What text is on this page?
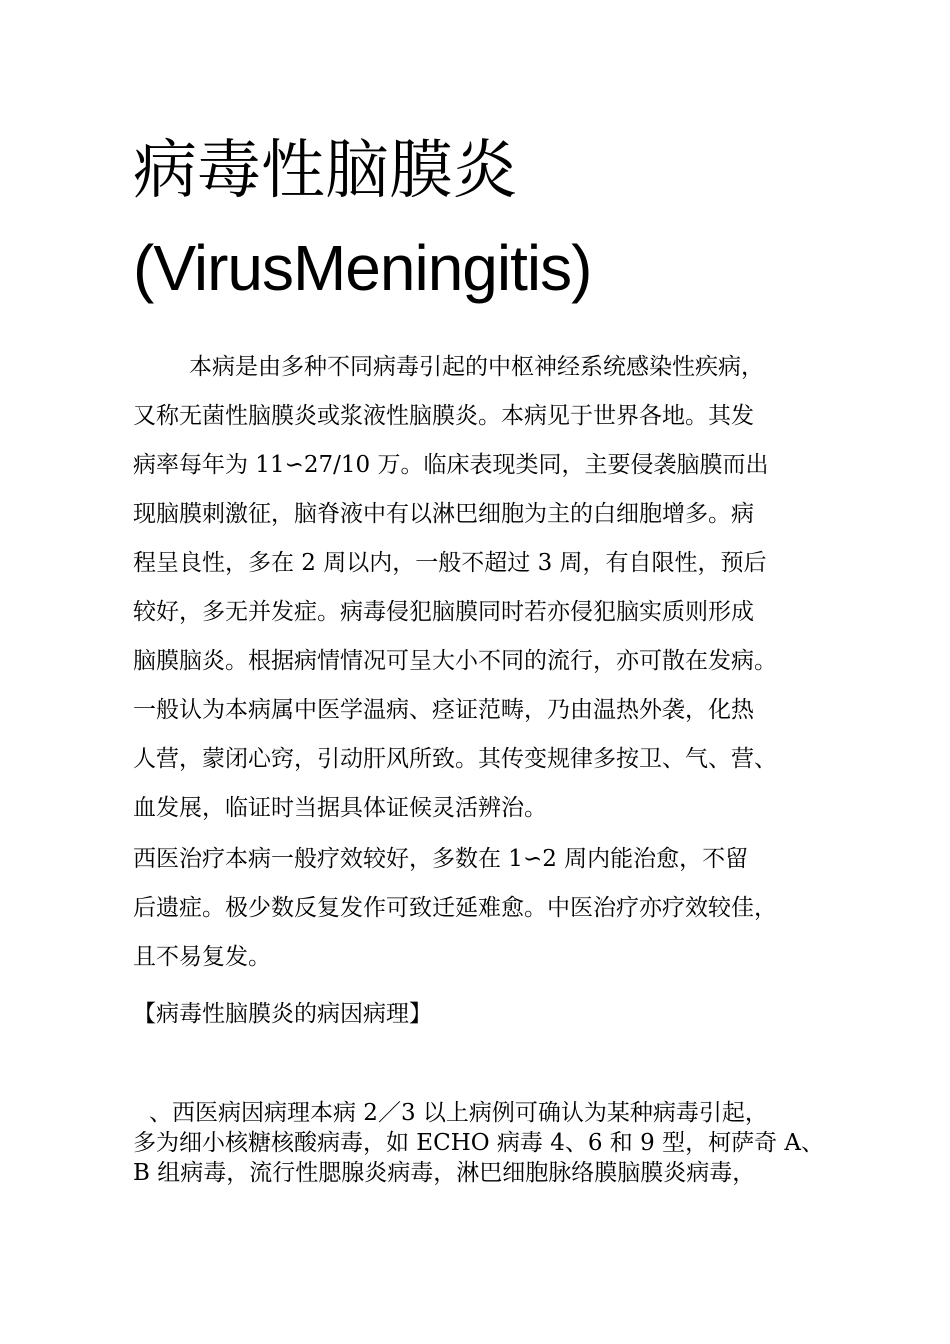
病毒性脑膜炎
(VirusMeningitis)
本病是由多种不同病毒引起的中枢神经系统感染性疾病，
又称无菌性脑膜炎或浆液性脑膜炎。本病见于世界各地。其发
病率每年为 11∽27/10 万。临床表现类同，主要侵袭脑膜而出
现脑膜刺激征，脑脊液中有以淋巴细胞为主的白细胞增多。病
程呈良性，多在 2 周以内，一般不超过 3 周，有自限性，预后
较好，多无并发症。病毒侵犯脑膜同时若亦侵犯脑实质则形成
脑膜脑炎。根据病情情况可呈大小不同的流行，亦可散在发病。
一般认为本病属中医学温病、痉证范畴，乃由温热外袭，化热
人营，蒙闭心窍，引动肝风所致。其传变规律多按卫、气、营、
血发展，临证时当据具体证候灵活辨治。
西医治疗本病一般疗效较好，多数在 1∽2 周内能治愈，不留
后遗症。极少数反复发作可致迁延难愈。中医治疗亦疗效较佳，
且不易复发。
【病毒性脑膜炎的病因病理】
、西医病因病理本病 2／3 以上病例可确认为某种病毒引起，
多为细小核糖核酸病毒，如 ECHO 病毒 4、6 和 9 型，柯萨奇 A、
B 组病毒，流行性腮腺炎病毒，淋巴细胞脉络膜脑膜炎病毒，
